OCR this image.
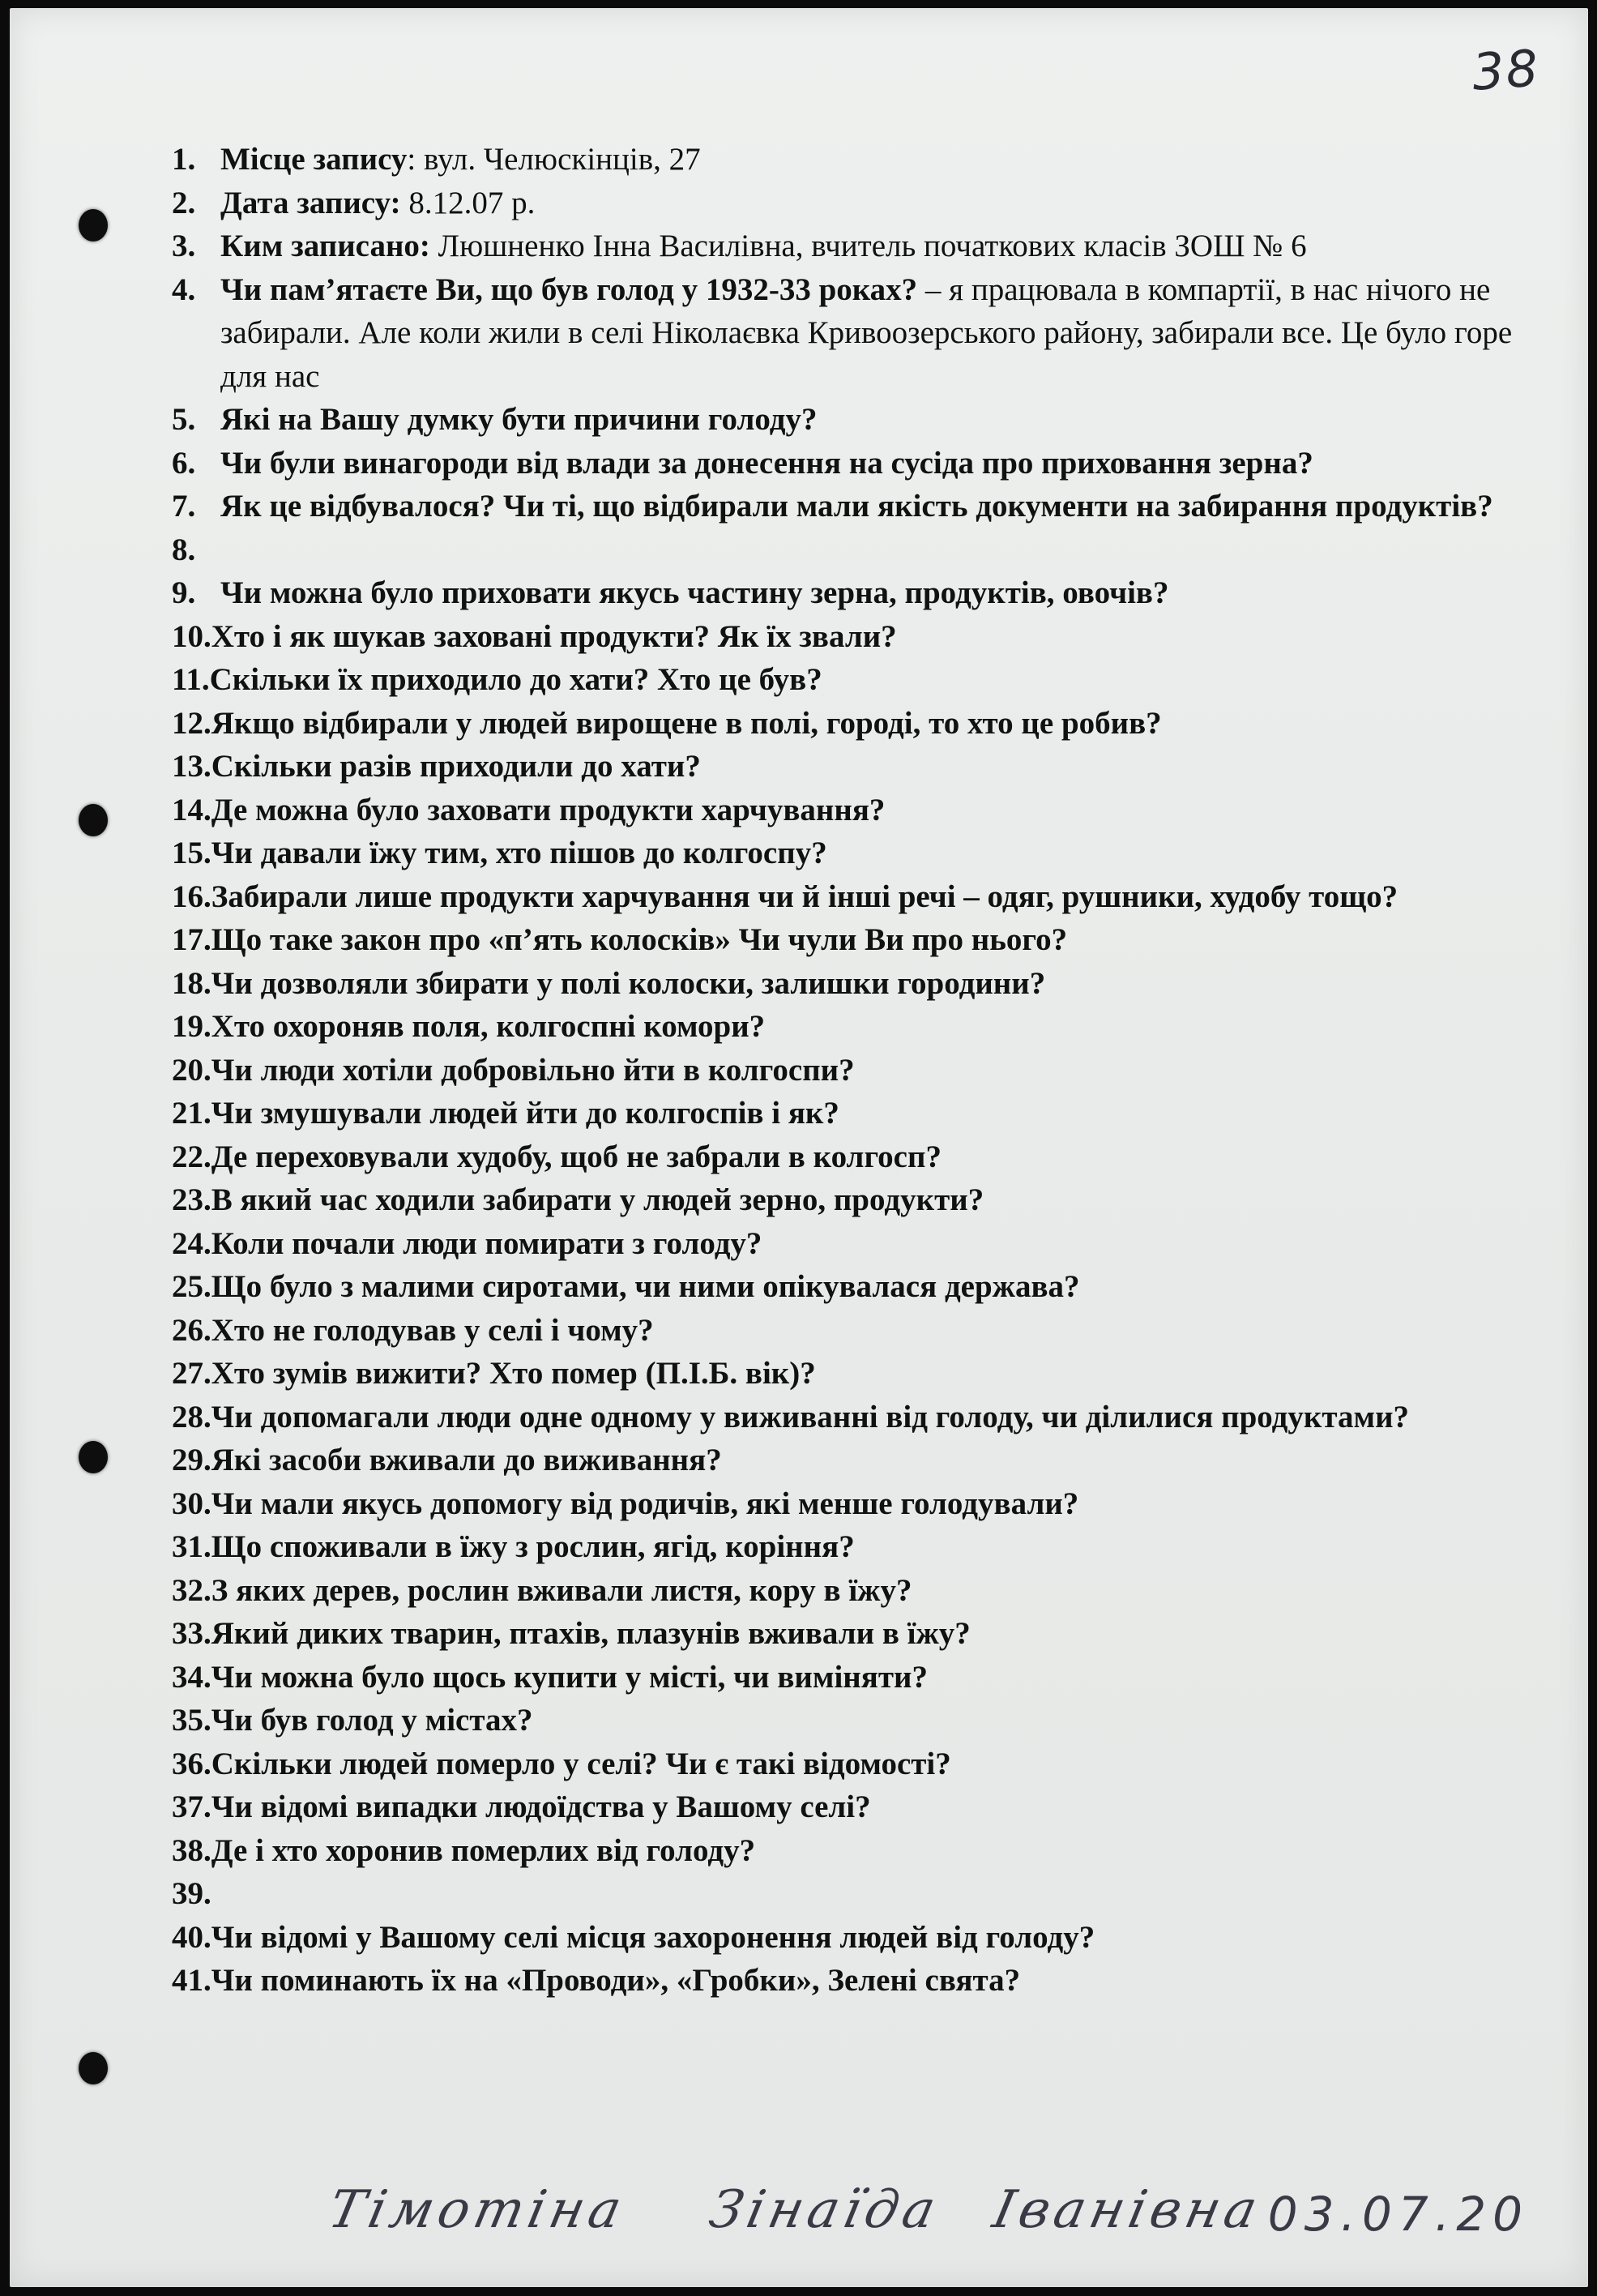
38
1. Місце запису: вул. Челюскінців, 27
2. Дата запису: 8.12.07 р.
3. Ким записано: Люшненко Інна Василівна, вчитель початкових класів ЗОШ № 6
4. Чи пам’ятаєте Ви, що був голод у 1932-33 роках? – я працювала в компартії, в нас нічого не забирали. Але коли жили в селі Ніколаєвка Кривоозерського району, забирали все. Це було горе для нас
5. Які на Вашу думку бути причини голоду?
6. Чи були винагороди від влади за донесення на сусіда про приховання зерна?
7. Як це відбувалося? Чи ті, що відбирали мали якість документи на забирання продуктів?
8.
9. Чи можна було приховати якусь частину зерна, продуктів, овочів?
10. Хто і як шукав заховані продукти? Як їх звали?
11. Скільки їх приходило до хати? Хто це був?
12. Якщо відбирали у людей вирощене в полі, городі, то хто це робив?
13. Скільки разів приходили до хати?
14. Де можна було заховати продукти харчування?
15. Чи давали їжу тим, хто пішов до колгоспу?
16. Забирали лише продукти харчування чи й інші речі – одяг, рушники, худобу тощо?
17. Що таке закон про «п’ять колосків» Чи чули Ви про нього?
18. Чи дозволяли збирати у полі колоски, залишки городини?
19. Хто охороняв поля, колгоспні комори?
20. Чи люди хотіли добровільно йти в колгоспи?
21. Чи змушували людей йти до колгоспів і як?
22. Де переховували худобу, щоб не забрали в колгосп?
23. В який час ходили забирати у людей зерно, продукти?
24. Коли почали люди помирати з голоду?
25. Що було з малими сиротами, чи ними опікувалася держава?
26. Хто не голодував у селі і чому?
27. Хто зумів вижити? Хто помер (П.І.Б. вік)?
28. Чи допомагали люди одне одному у виживанні від голоду, чи ділилися продуктами?
29. Які засоби вживали до виживання?
30. Чи мали якусь допомогу від родичів, які менше голодували?
31. Що споживали в їжу з рослин, ягід, коріння?
32. З яких дерев, рослин вживали листя, кору в їжу?
33. Який диких тварин, птахів, плазунів вживали в їжу?
34. Чи можна було щось купити у місті, чи виміняти?
35. Чи був голод у містах?
36. Скільки людей померло у селі? Чи є такі відомості?
37. Чи відомі випадки людоїдства у Вашому селі?
38. Де і хто хоронив померлих від голоду?
39.
40. Чи відомі у Вашому селі місця захоронення людей від голоду?
41. Чи поминають їх на «Проводи», «Гробки», Зелені свята?
Тімотіна Зінаїда Іванівна 03.07.20
